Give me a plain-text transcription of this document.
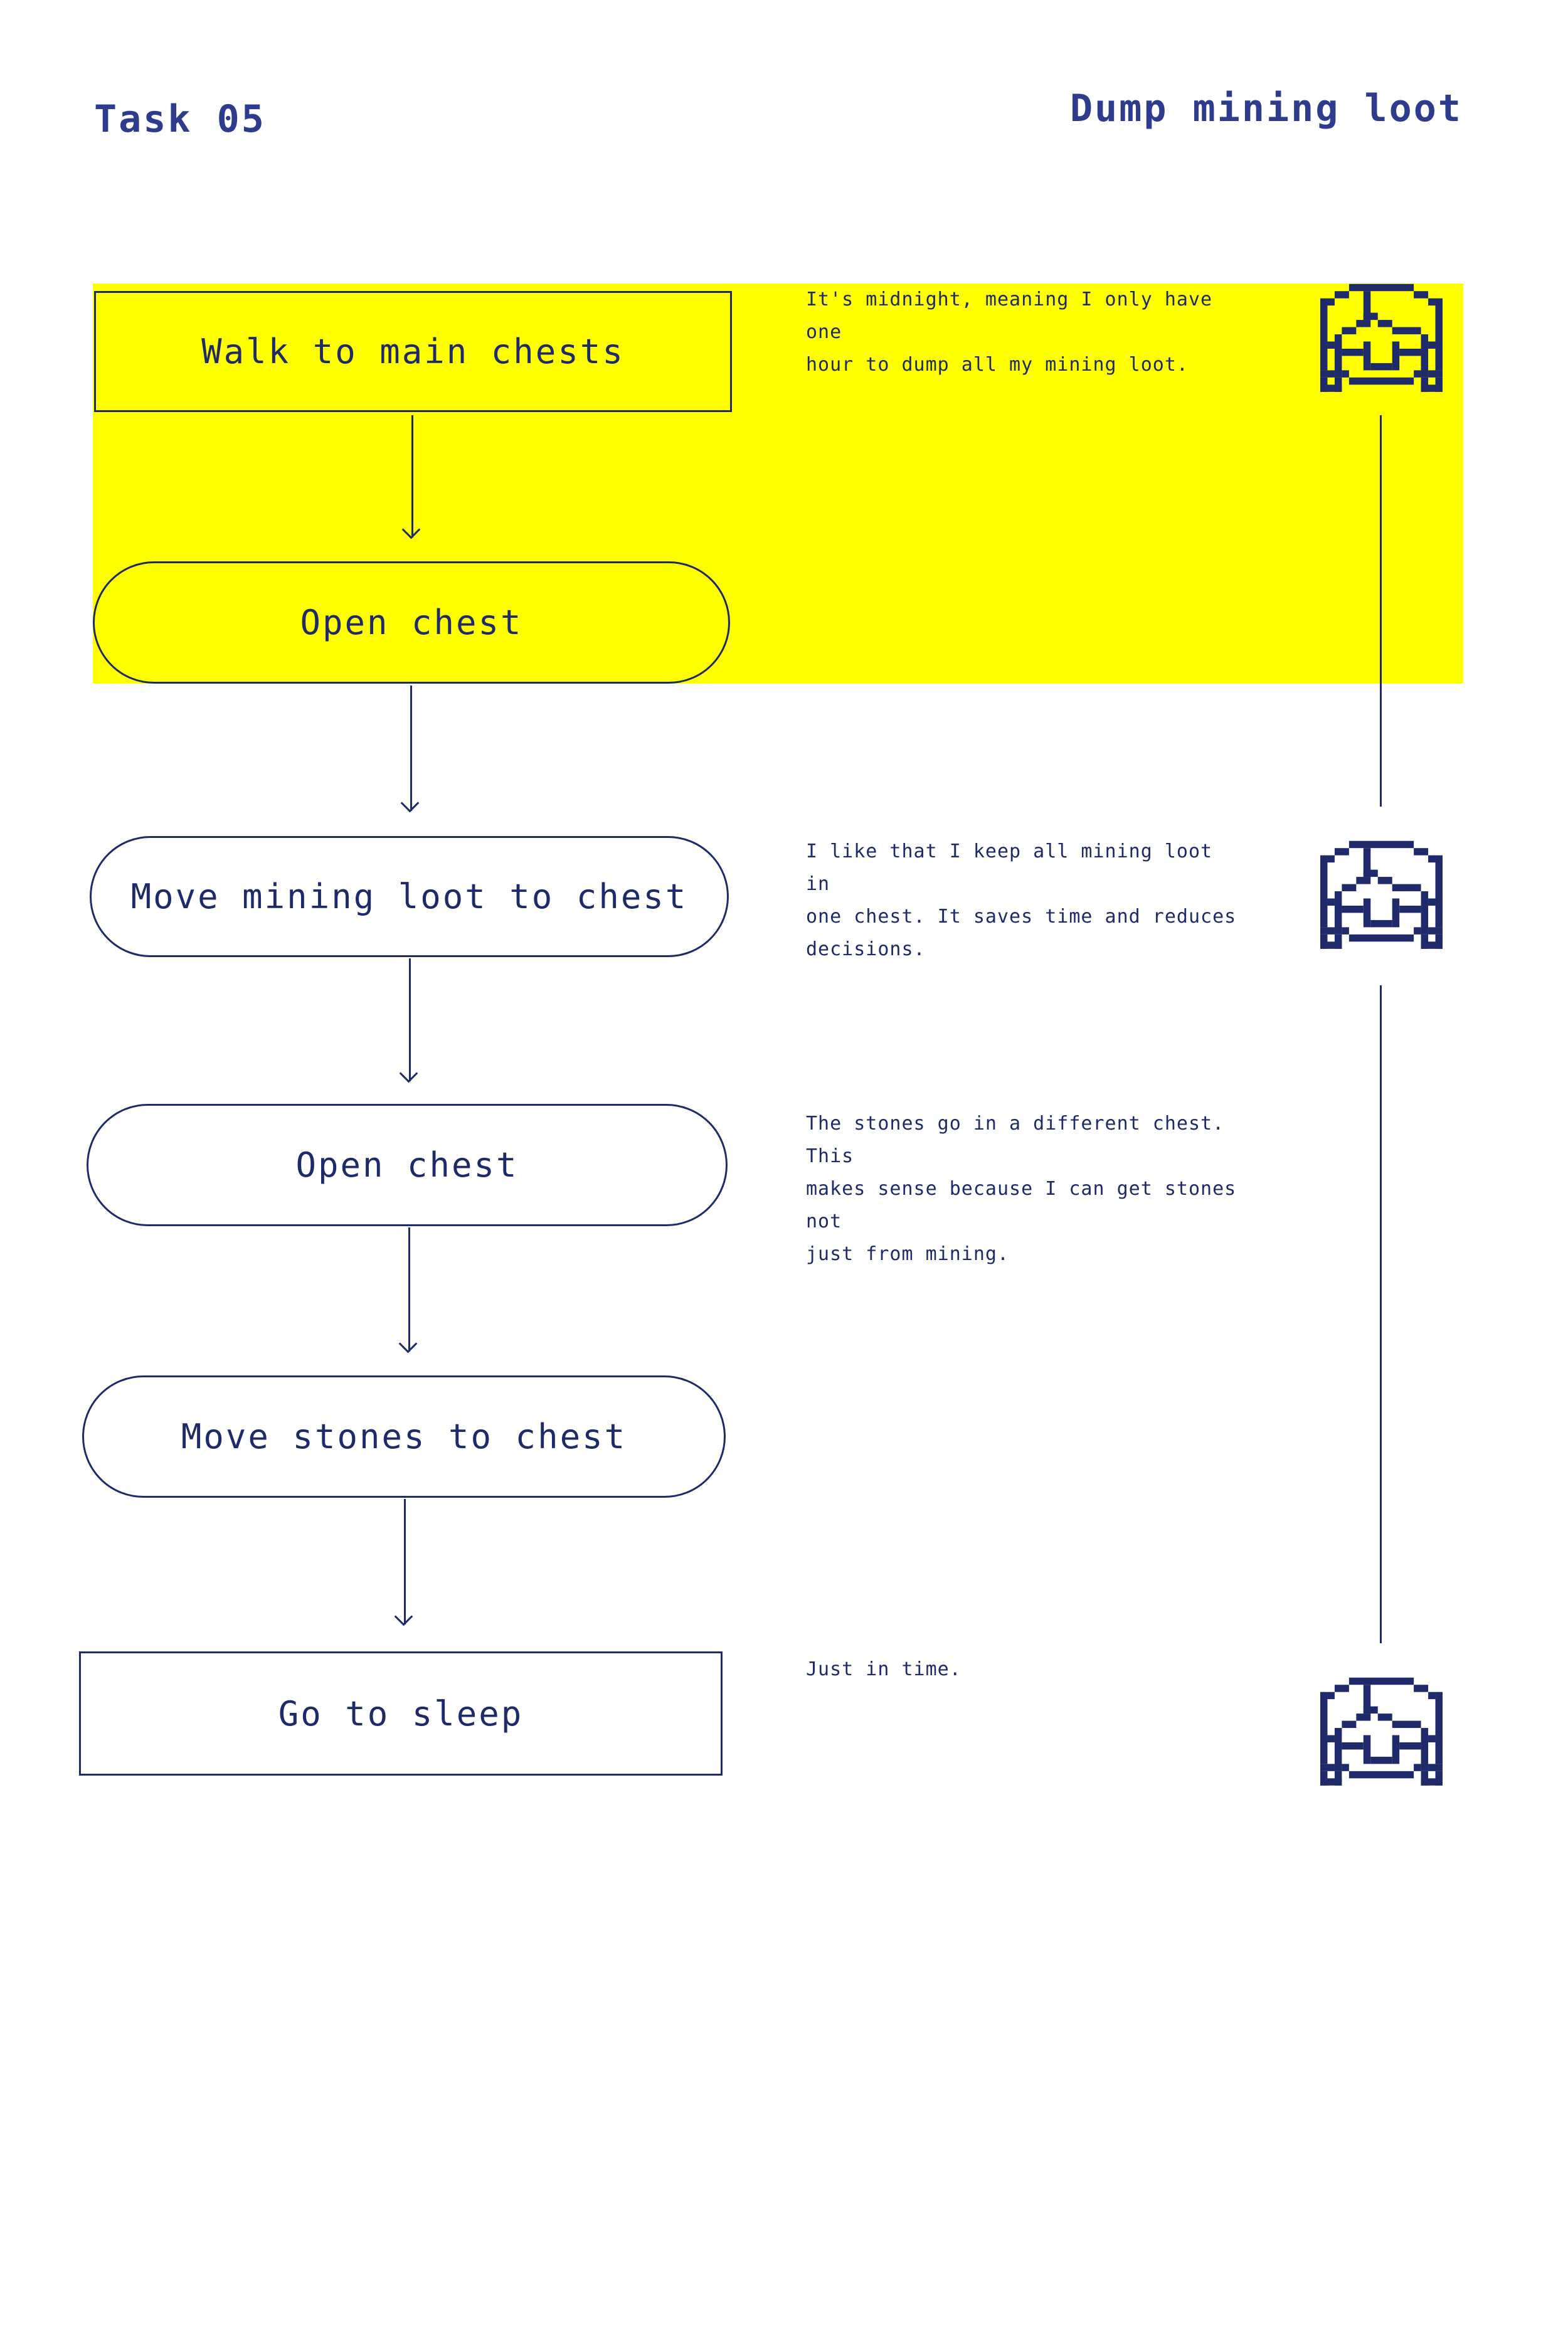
Task 05	Dump mining loot
Walk to main chests
Open chest
Move mining loot to chest
Open chest
Move stones to chest
Go to sleep
It's midnight, meaning I only have one
hour to dump all my mining loot.
I like that I keep all mining loot in
one chest. It saves time and reduces
decisions.
The stones go in a different chest. This
makes sense because I can get stones not
just from mining.
Just in time.
